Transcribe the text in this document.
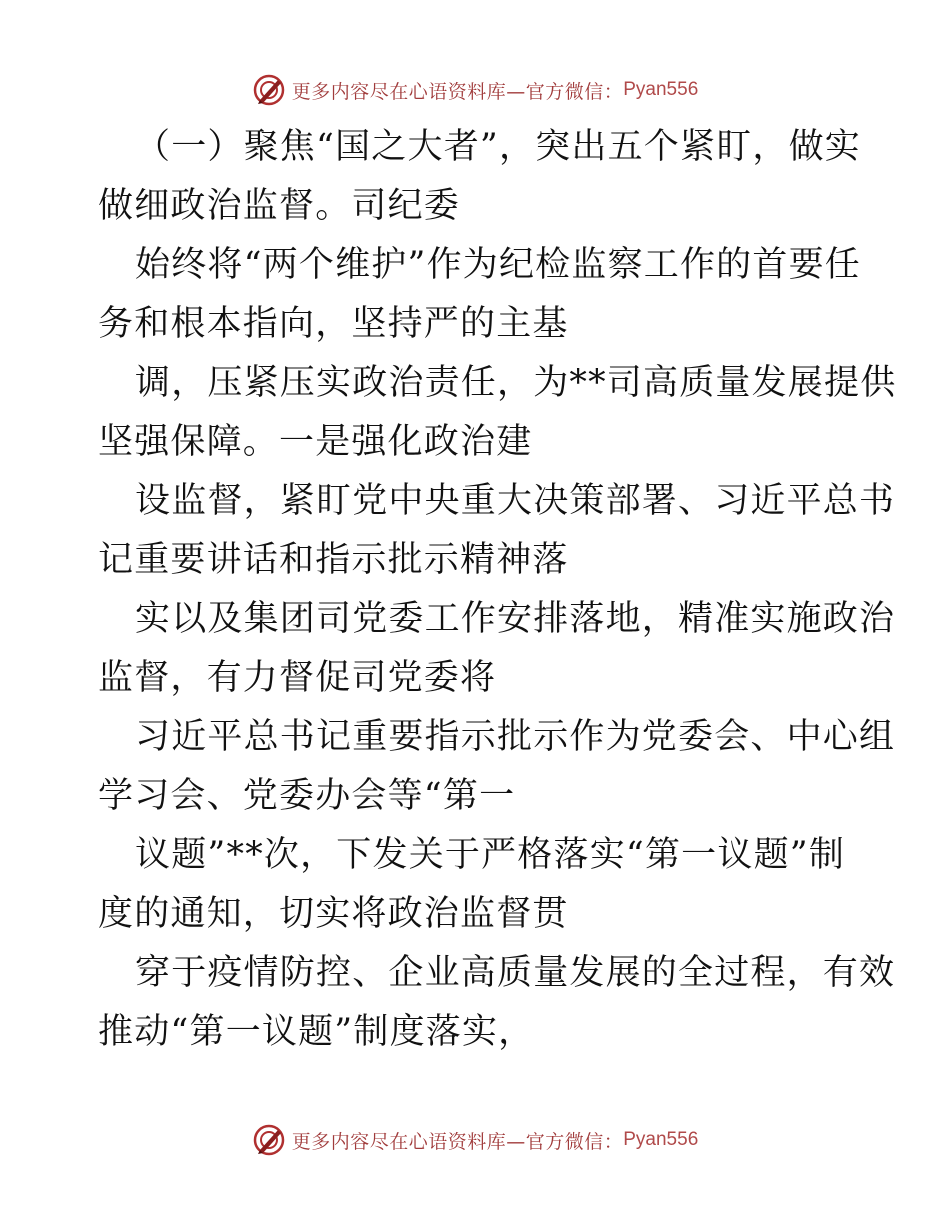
更多内容尽在心语资料库—官方微信： Pyan556
（一）聚焦“国之大者”，突出五个紧盯，做实
做细政治监督。司纪委
始终将“两个维护”作为纪检监察工作的首要任
务和根本指向，坚持严的主基
调，压紧压实政治责任，为**司高质量发展提供
坚强保障。一是强化政治建
设监督，紧盯党中央重大决策部署、习近平总书
记重要讲话和指示批示精神落
实以及集团司党委工作安排落地，精准实施政治
监督，有力督促司党委将
习近平总书记重要指示批示作为党委会、中心组
学习会、党委办会等“第一
议题”**次，下发关于严格落实“第一议题”制
度的通知，切实将政治监督贯
穿于疫情防控、企业高质量发展的全过程，有效
推动“第一议题”制度落实，
更多内容尽在心语资料库—官方微信： Pyan556
